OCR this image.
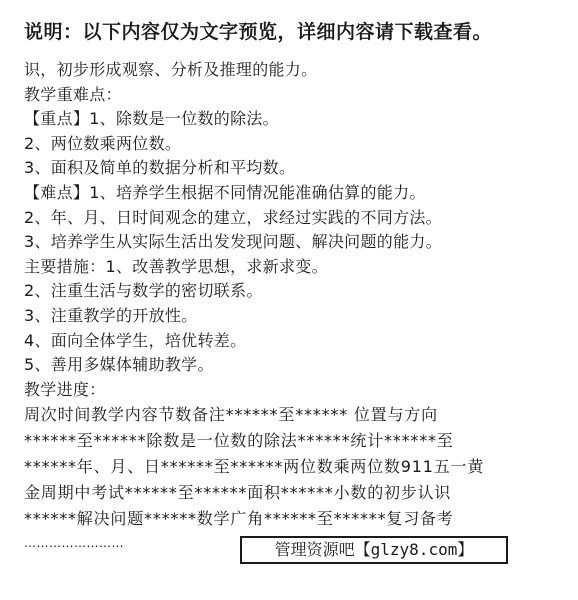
说明：以下内容仅为文字预览，详细内容请下载查看。
识，初步形成观察、分析及推理的能力。
教学重难点：
【重点】1、除数是一位数的除法。
2、两位数乘两位数。
3、面积及简单的数据分析和平均数。
【难点】1、培养学生根据不同情况能准确估算的能力。
2、年、月、日时间观念的建立，求经过实践的不同方法。
3、培养学生从实际生活出发发现问题、解决问题的能力。
主要措施：1、改善教学思想，求新求变。
2、注重生活与数学的密切联系。
3、注重教学的开放性。
4、面向全体学生，培优转差。
5、善用多媒体辅助教学。
教学进度：
周次时间教学内容节数备注******至****** 位置与方向
******至******除数是一位数的除法******统计******至
******年、月、日******至******两位数乘两位数911五一黄
金周期中考试******至******面积******小数的初步认识
******解决问题******数学广角******至******复习备考
……………………	管理资源吧【glzy8.com】
